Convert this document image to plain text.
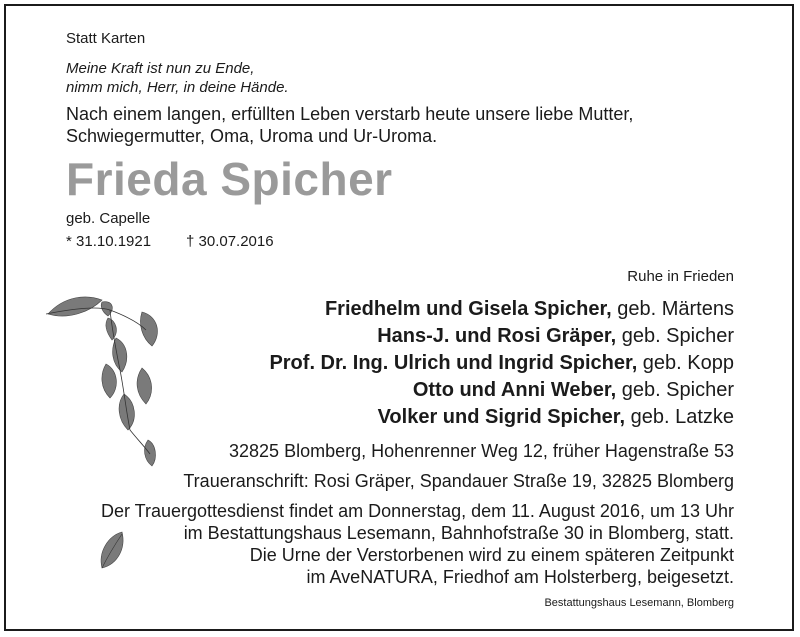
Statt Karten
Meine Kraft ist nun zu Ende,
nimm mich, Herr, in deine Hände.
Nach einem langen, erfüllten Leben verstarb heute unsere liebe Mutter,
Schwiegermutter, Oma, Uroma und Ur-Uroma.
Frieda Spicher
geb. Capelle
* 31.10.1921 † 30.07.2016
Ruhe in Frieden
Friedhelm und Gisela Spicher, geb. Märtens
Hans-J. und Rosi Gräper, geb. Spicher
Prof. Dr. Ing. Ulrich und Ingrid Spicher, geb. Kopp
Otto und Anni Weber, geb. Spicher
Volker und Sigrid Spicher, geb. Latzke
32825 Blomberg, Hohenrenner Weg 12, früher Hagenstraße 53
Traueranschrift: Rosi Gräper, Spandauer Straße 19, 32825 Blomberg
Der Trauergottesdienst findet am Donnerstag, dem 11. August 2016, um 13 Uhr
im Bestattungshaus Lesemann, Bahnhofstraße 30 in Blomberg, statt.
Die Urne der Verstorbenen wird zu einem späteren Zeitpunkt
im AveNATURA, Friedhof am Holsterberg, beigesetzt.
Bestattungshaus Lesemann, Blomberg
